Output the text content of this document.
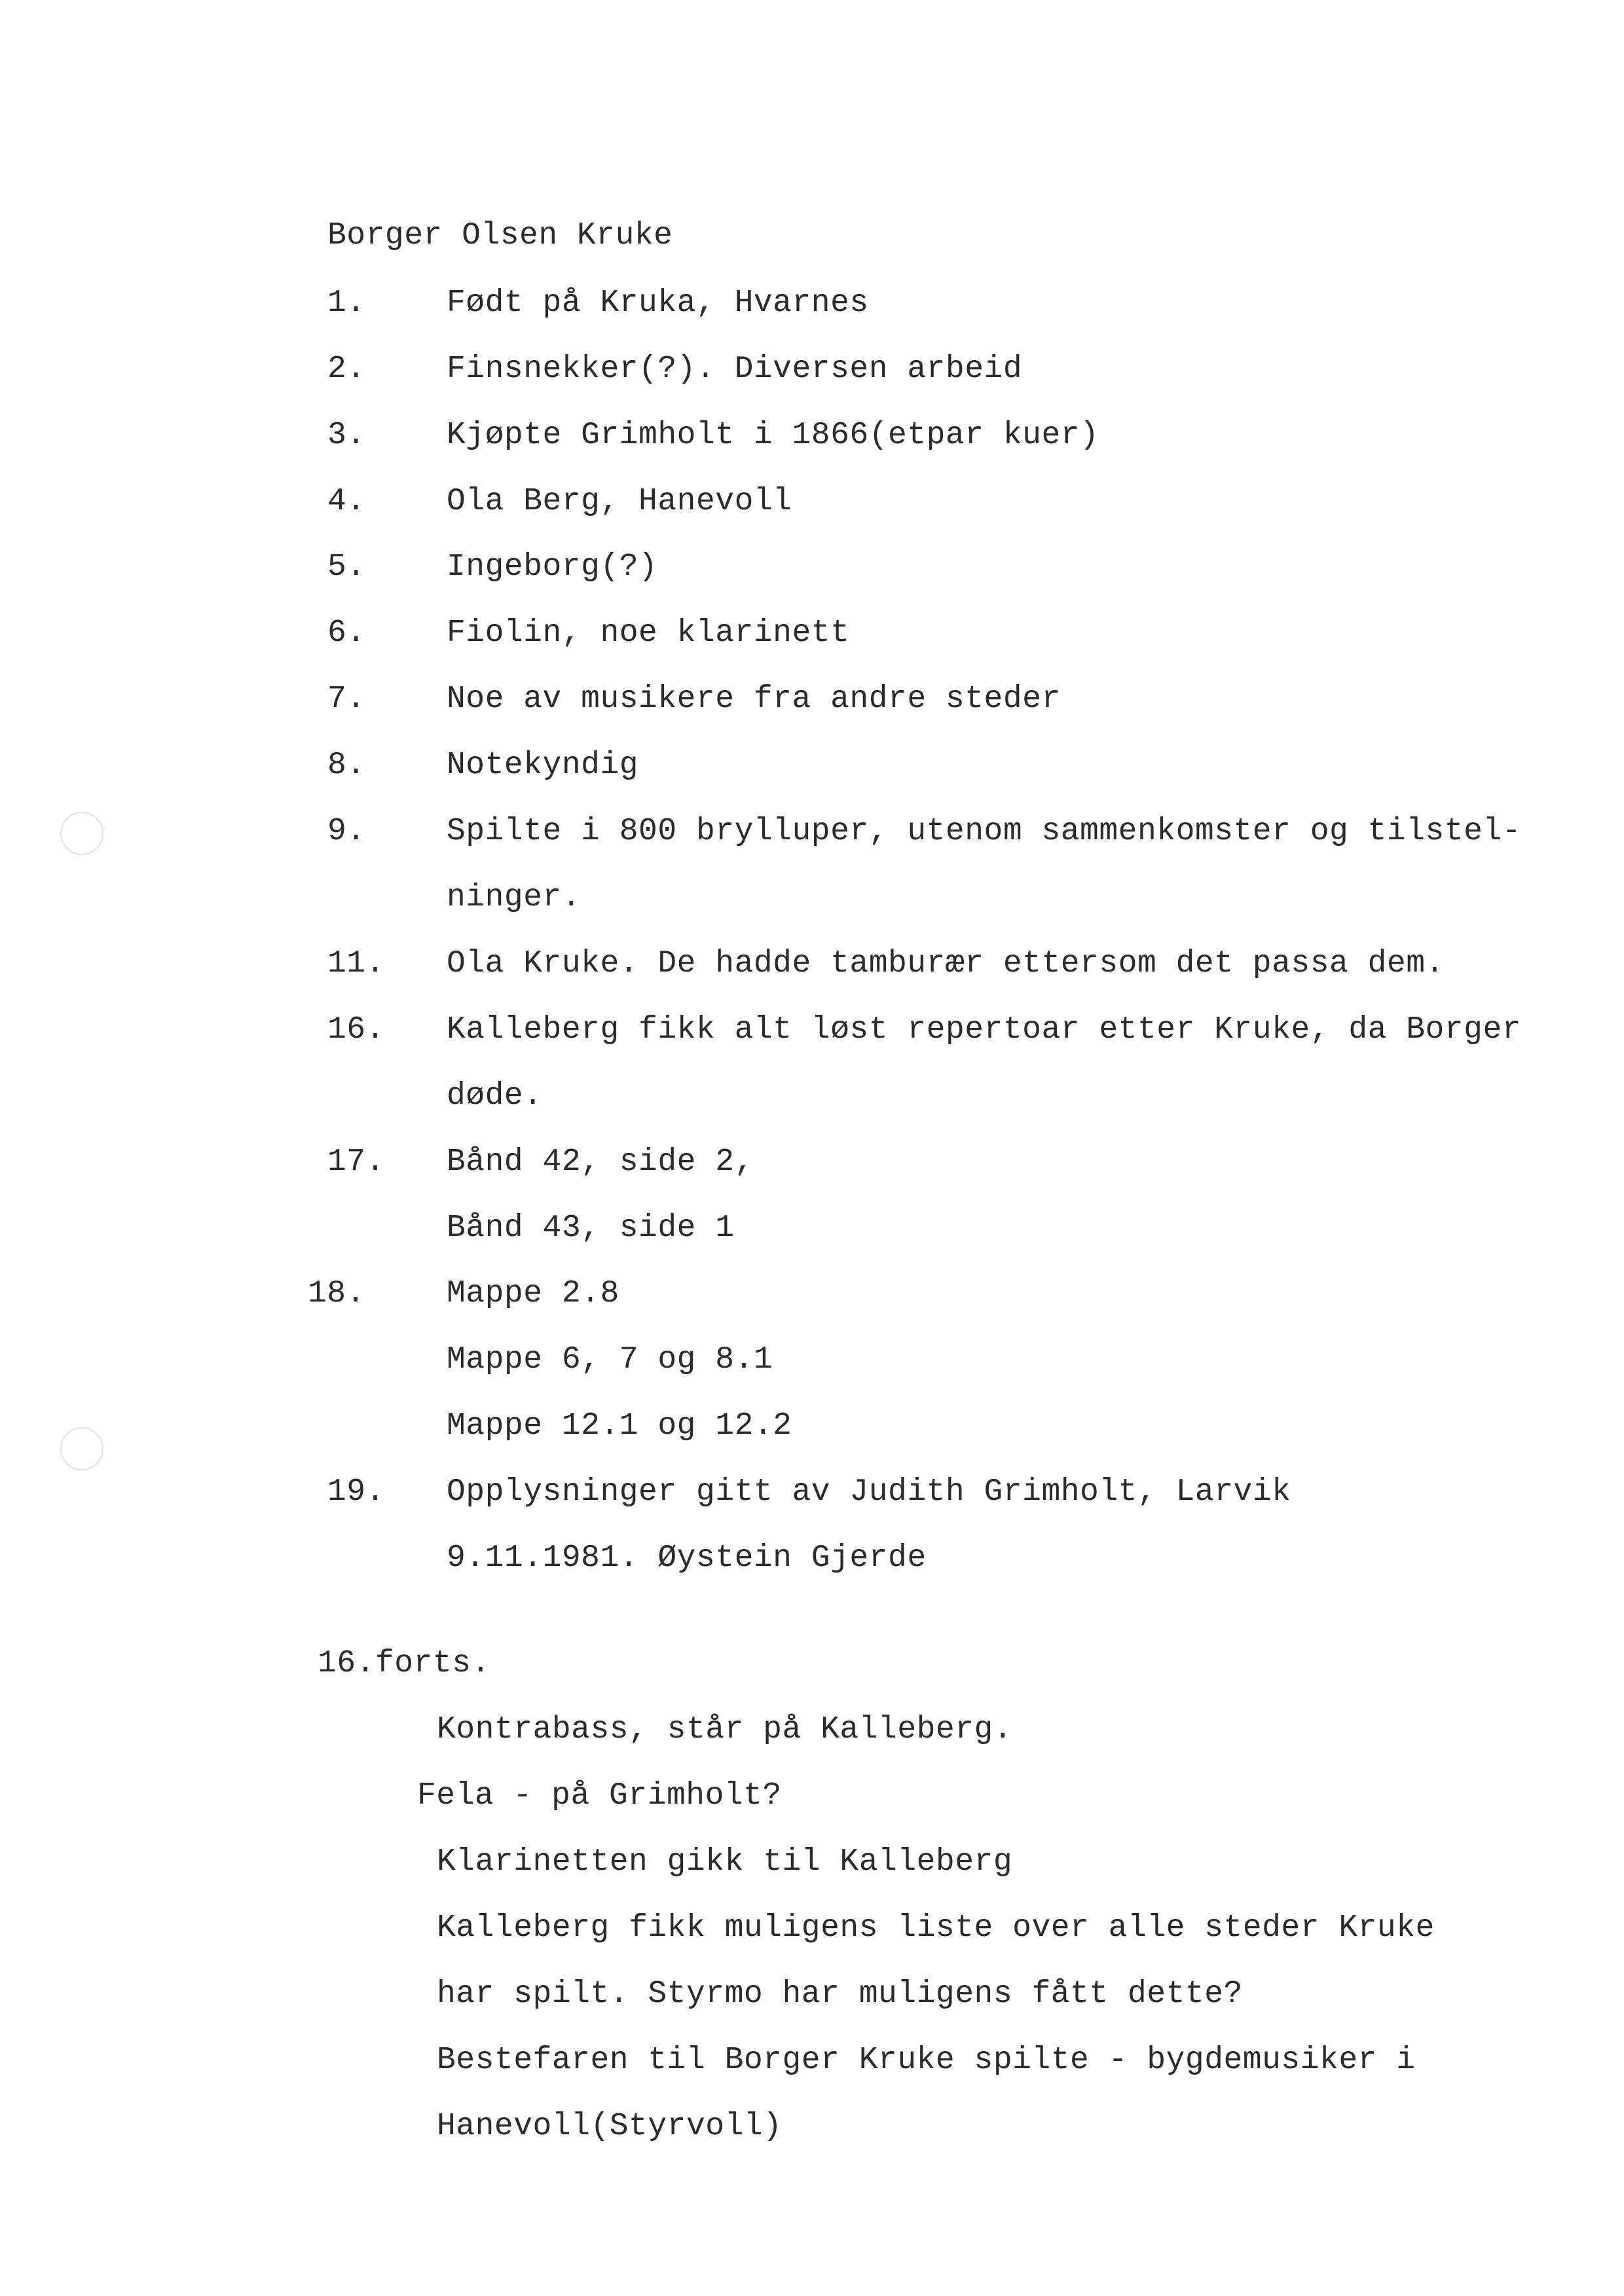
Borger Olsen Kruke
1.	Født på Kruka, Hvarnes
2.	Finsnekker(?). Diversen arbeid
3.	Kjøpte Grimholt i 1866(etpar kuer)
4.	Ola Berg, Hanevoll
5.	Ingeborg(?)
6.	Fiolin, noe klarinett
7.	Noe av musikere fra andre steder
8.	Notekyndig
9.	Spilte i 800 brylluper, utenom sammenkomster og tilstel-
ninger.
11. Ola Kruke. De hadde tamburær ettersom det passa dem.
16. Kalleberg fikk alt løst repertoar etter Kruke, da Borger
døde.
17. Bånd 42, side 2,
Bånd 43, side 1
18.	Mappe 2.8
Mappe 6, 7 og 8.1
Mappe 12.1 og 12.2
19. Opplysninger gitt av Judith Grimholt, Larvik
9.11.1981. Øystein Gjerde
16.forts.
Kontrabass, står på Kalleberg.
Fela - på Grimholt?
Klarinetten gikk til Kalleberg
Kalleberg fikk muligens liste over alle steder Kruke
har spilt. Styrmo har muligens fått dette?
Bestefaren til Borger Kruke spilte - bygdemusiker i
Hanevoll(Styrvoll)
